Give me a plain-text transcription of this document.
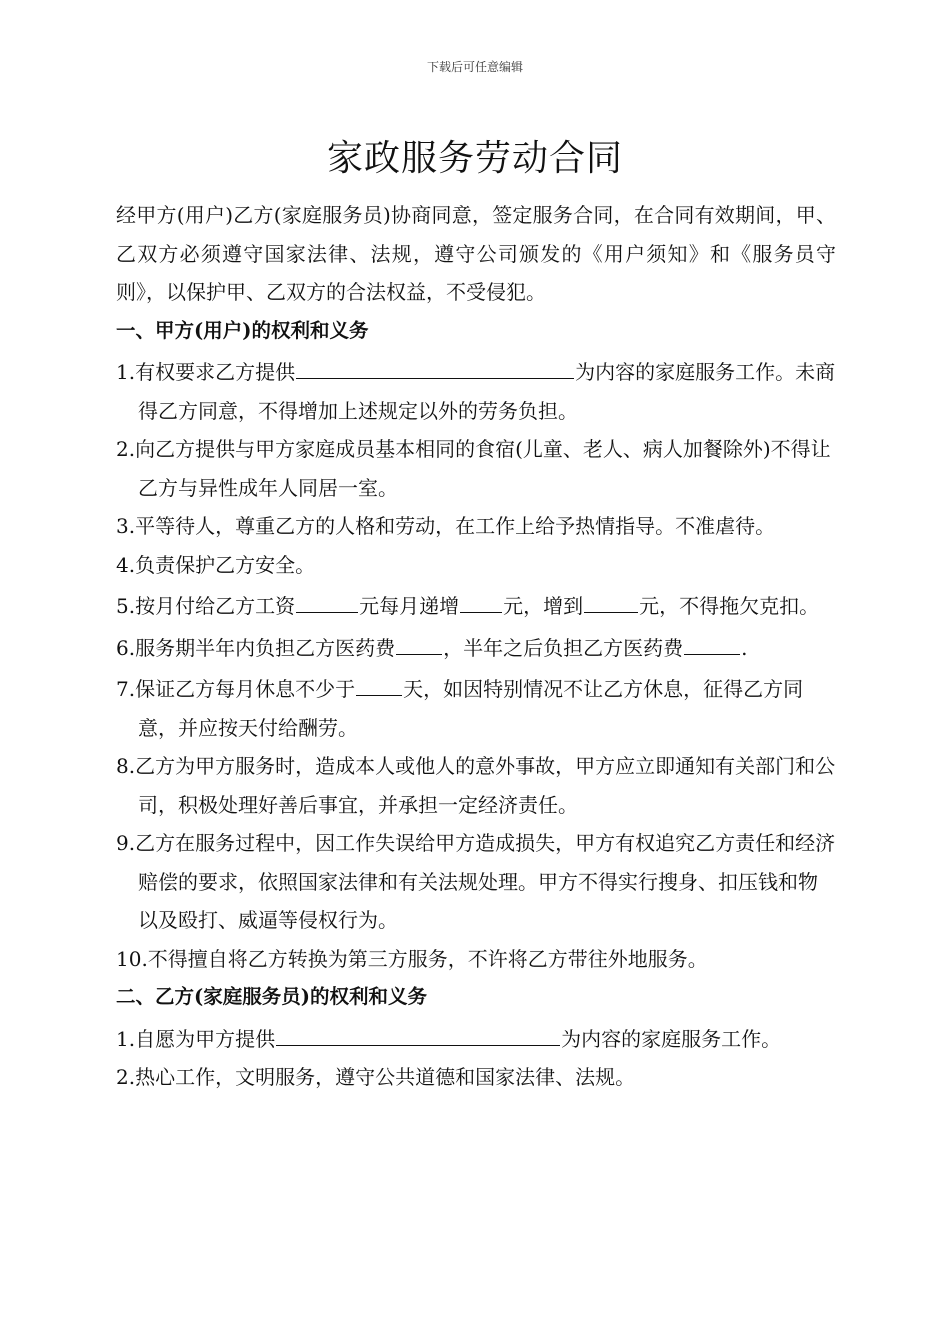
下载后可任意编辑
家政服务劳动合同

经甲方(用户)乙方(家庭服务员)协商同意，签定服务合同，在合同有效期间，甲、乙双方必须遵守国家法律、法规，遵守公司颁发的《用户须知》和《服务员守则》，以保护甲、乙双方的合法权益，不受侵犯。

一、甲方(用户)的权利和义务

1.有权要求乙方提供	为内容的家庭服务工作。未商得乙方同意，不得增加上述规定以外的劳务负担。

2.向乙方提供与甲方家庭成员基本相同的食宿(儿童、老人、病人加餐除外)不得让乙方与异性成年人同居一室。

3.平等待人，尊重乙方的人格和劳动，在工作上给予热情指导。不准虐待。

4.负责保护乙方安全。

5.按月付给乙方工资	元每月递增 元，增到	元，不得拖欠克扣。

6.服务期半年内负担乙方医药费 ，半年之后负担乙方医药费	.

7.保证乙方每月休息不少于 天，如因特别情况不让乙方休息，征得乙方同意，并应按天付给酬劳。

8.乙方为甲方服务时，造成本人或他人的意外事故，甲方应立即通知有关部门和公司，积极处理好善后事宜，并承担一定经济责任。

9.乙方在服务过程中，因工作失误给甲方造成损失，甲方有权追究乙方责任和经济赔偿的要求，依照国家法律和有关法规处理。甲方不得实行搜身、扣压钱和物以及殴打、威逼等侵权行为。

10.不得擅自将乙方转换为第三方服务，不许将乙方带往外地服务。

二、乙方(家庭服务员)的权利和义务

1.自愿为甲方提供	为内容的家庭服务工作。

2.热心工作，文明服务，遵守公共道德和国家法律、法规。
